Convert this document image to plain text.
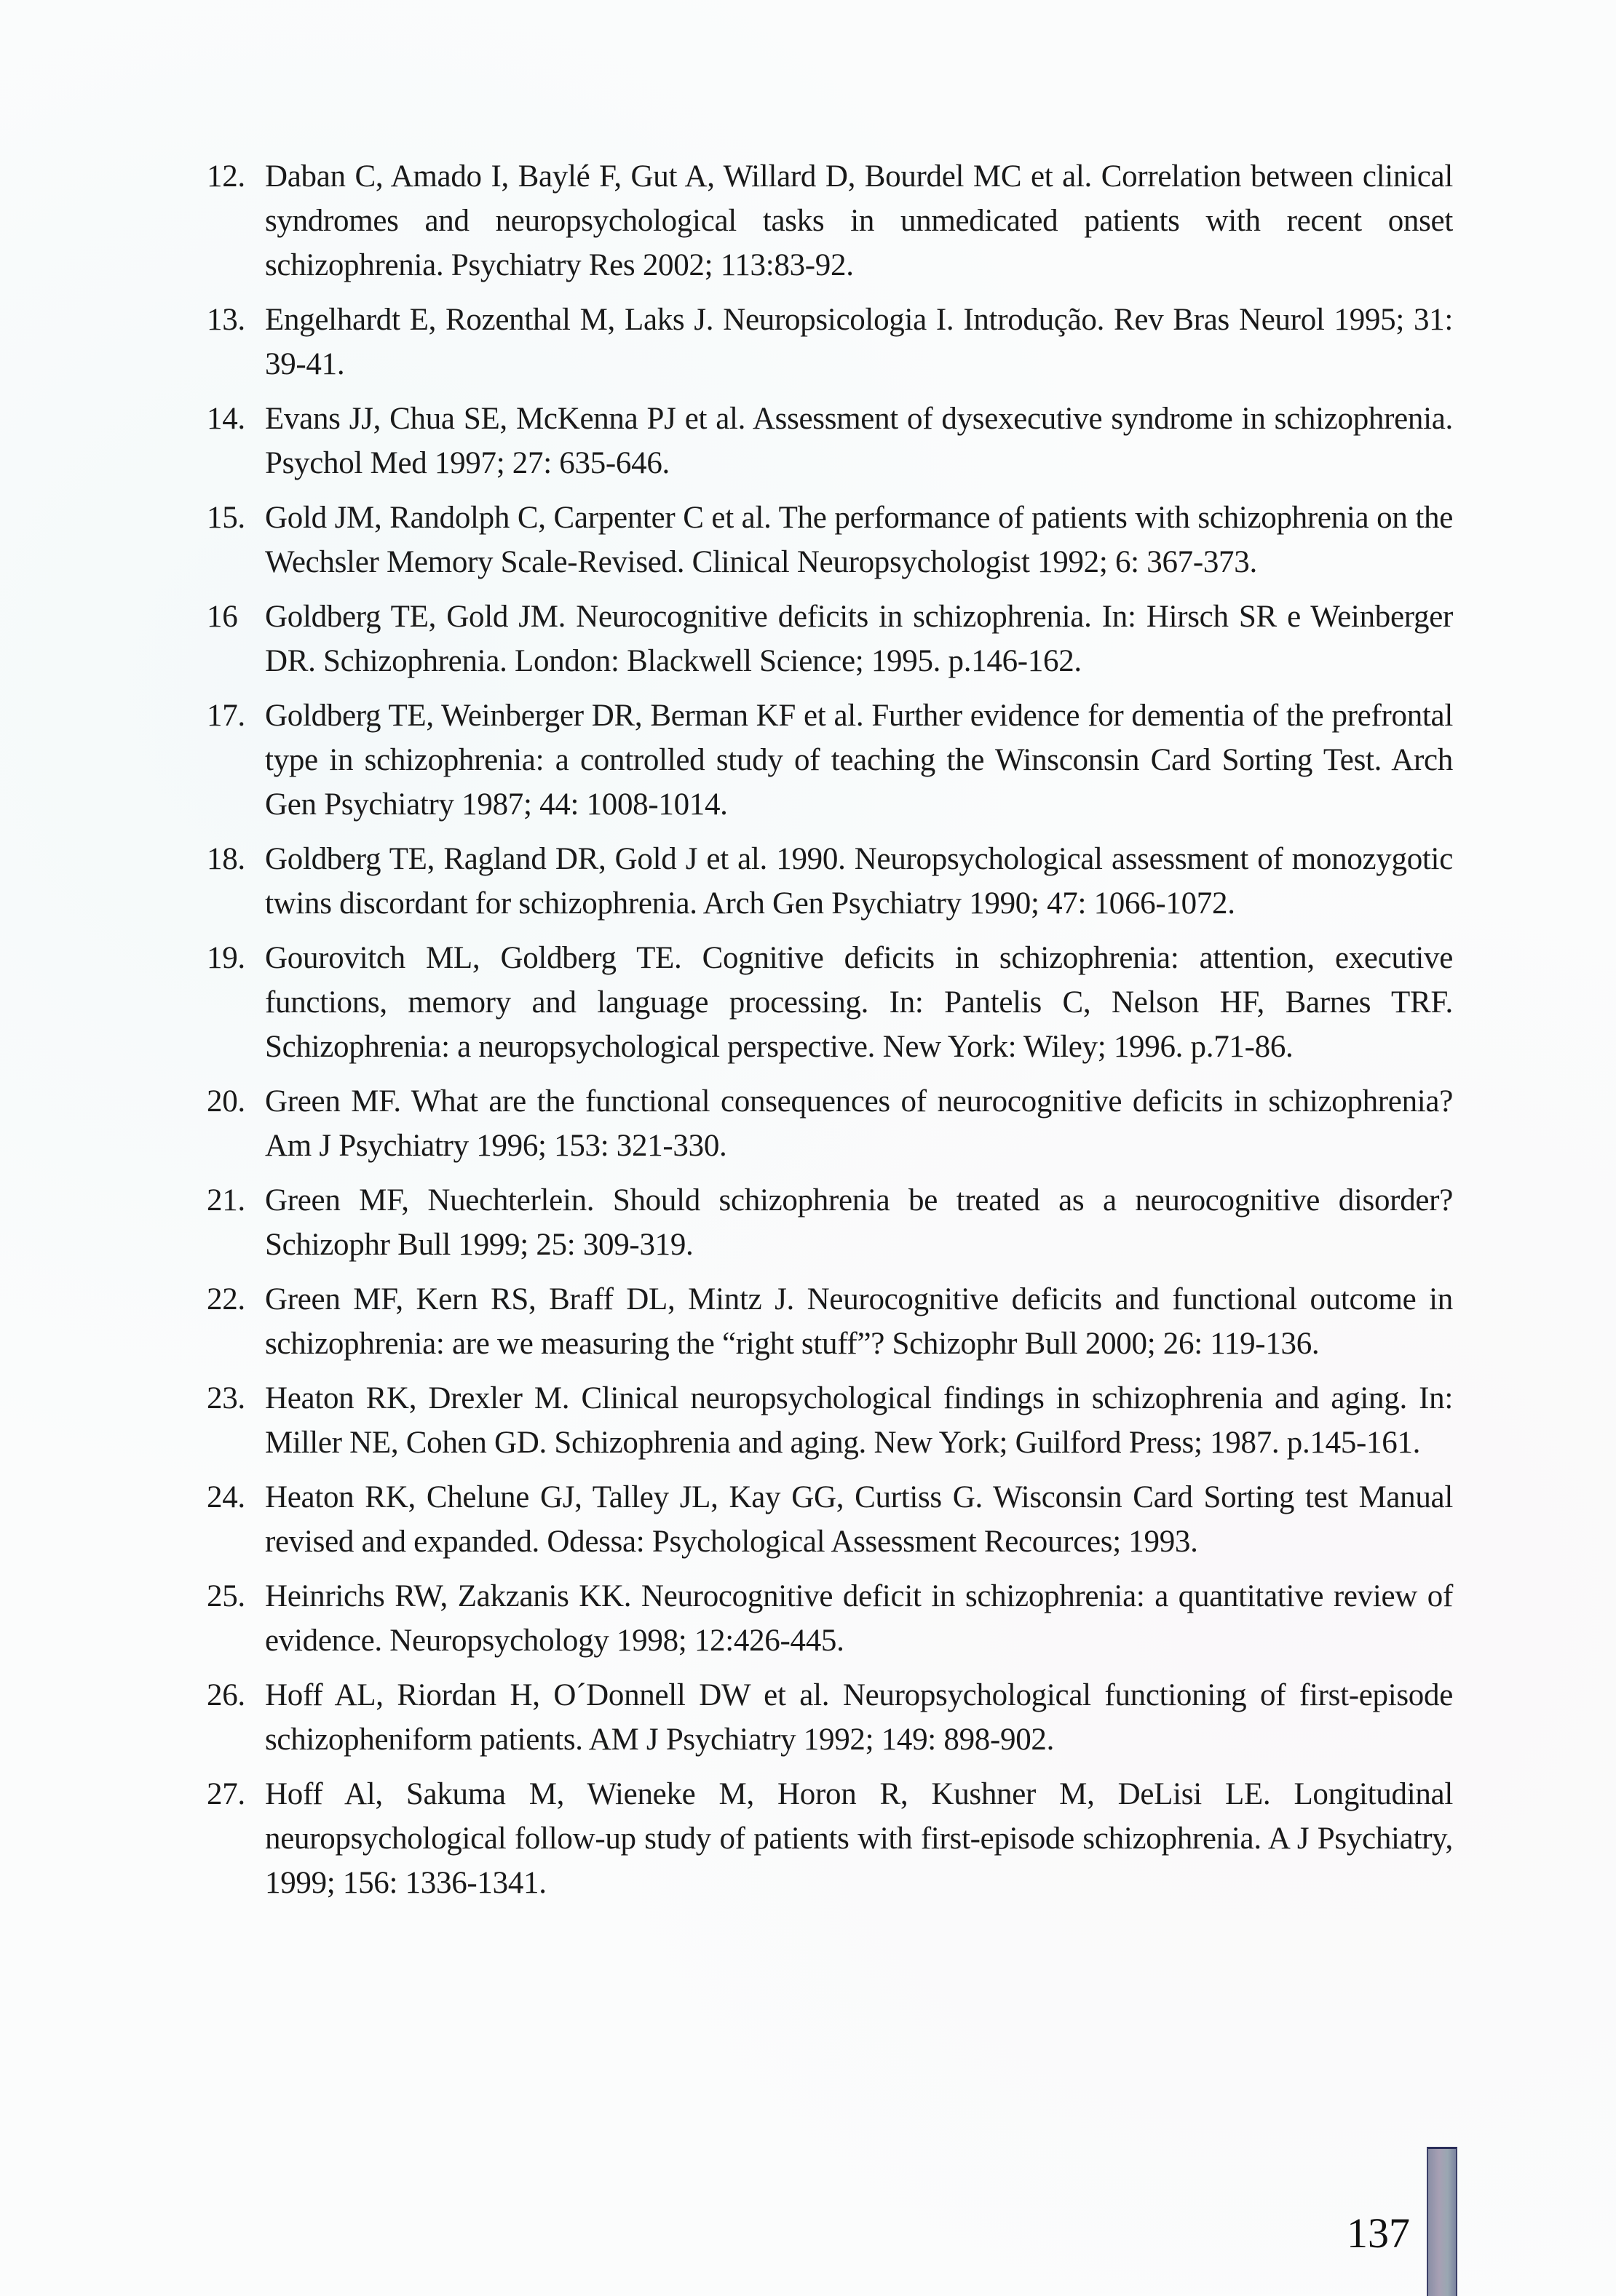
12. Daban C, Amado I, Baylé F, Gut A, Willard D, Bourdel MC et al. Correlation between clinical syndromes and neuropsychological tasks in unmedicated patients with recent onset schizophrenia. Psychiatry Res 2002; 113:83-92.
13. Engelhardt E, Rozenthal M, Laks J. Neuropsicologia I. Introdução. Rev Bras Neurol 1995; 31: 39-41.
14. Evans JJ, Chua SE, McKenna PJ et al. Assessment of dysexecutive syndrome in schizophrenia. Psychol Med 1997; 27: 635-646.
15. Gold JM, Randolph C, Carpenter C et al. The performance of patients with schizophrenia on the Wechsler Memory Scale-Revised. Clinical Neuropsychologist 1992; 6: 367-373.
16 Goldberg TE, Gold JM. Neurocognitive deficits in schizophrenia. In: Hirsch SR e Weinberger DR. Schizophrenia. London: Blackwell Science; 1995. p.146-162.
17. Goldberg TE, Weinberger DR, Berman KF et al. Further evidence for dementia of the prefrontal type in schizophrenia: a controlled study of teaching the Winsconsin Card Sorting Test. Arch Gen Psychiatry 1987; 44: 1008-1014.
18. Goldberg TE, Ragland DR, Gold J et al. 1990. Neuropsychological assessment of monozygotic twins discordant for schizophrenia. Arch Gen Psychiatry 1990; 47: 1066-1072.
19. Gourovitch ML, Goldberg TE. Cognitive deficits in schizophrenia: attention, executive functions, memory and language processing. In: Pantelis C, Nelson HF, Barnes TRF. Schizophrenia: a neuropsychological perspective. New York: Wiley; 1996. p.71-86.
20. Green MF. What are the functional consequences of neurocognitive deficits in schizophrenia? Am J Psychiatry 1996; 153: 321-330.
21. Green MF, Nuechterlein. Should schizophrenia be treated as a neurocognitive disorder? Schizophr Bull 1999; 25: 309-319.
22. Green MF, Kern RS, Braff DL, Mintz J. Neurocognitive deficits and functional outcome in schizophrenia: are we measuring the “right stuff”? Schizophr Bull 2000; 26: 119-136.
23. Heaton RK, Drexler M. Clinical neuropsychological findings in schizophrenia and aging. In: Miller NE, Cohen GD. Schizophrenia and aging. New York; Guilford Press; 1987. p.145-161.
24. Heaton RK, Chelune GJ, Talley JL, Kay GG, Curtiss G. Wisconsin Card Sorting test Manual revised and expanded. Odessa: Psychological Assessment Recources; 1993.
25. Heinrichs RW, Zakzanis KK. Neurocognitive deficit in schizophrenia: a quantitative review of evidence. Neuropsychology 1998; 12:426-445.
26. Hoff AL, Riordan H, O´Donnell DW et al. Neuropsychological functioning of first-episode schizopheniform patients. AM J Psychiatry 1992; 149: 898-902.
27. Hoff Al, Sakuma M, Wieneke M, Horon R, Kushner M, DeLisi LE. Longitudinal neuropsychological follow-up study of patients with first-episode schizophrenia. A J Psychiatry, 1999; 156: 1336-1341.
137
